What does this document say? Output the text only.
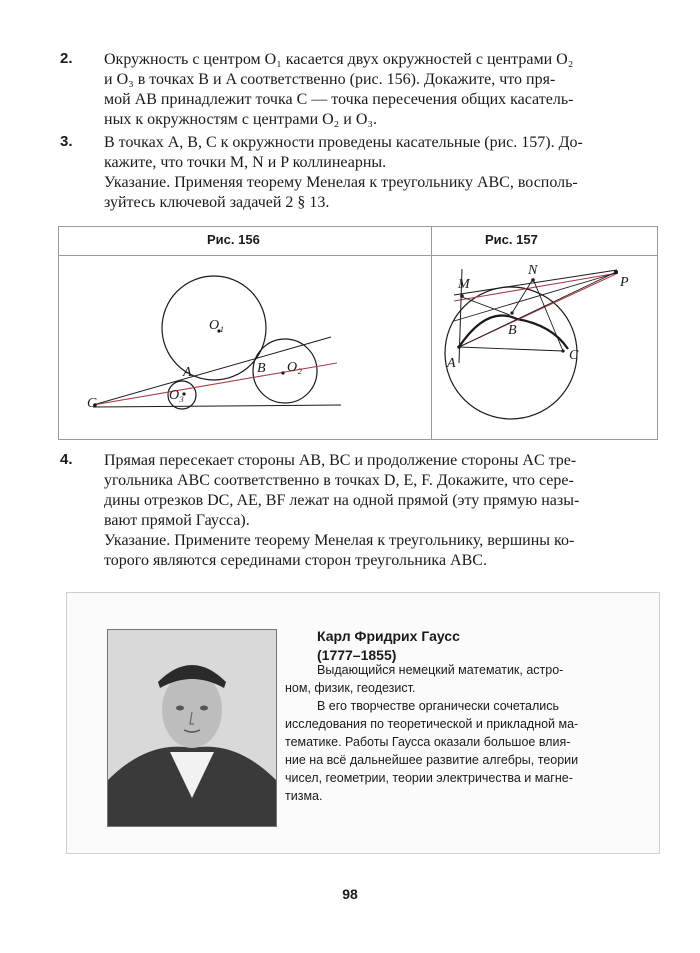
2. Окружность с центром O₁ касается двух окружностей с центрами O₂
и O₃ в точках B и A соответственно (рис. 156). Докажите, что пря-
мой AB принадлежит точка C — точка пересечения общих касатель-
ных к окружностям с центрами O₂ и O₃.
3. В точках A, B, C к окружности проведены касательные (рис. 157). До-
кажите, что точки M, N и P коллинеарны.
Указание. Применяя теорему Менелая к треугольнику ABC, восполь-
зуйтесь ключевой задачей 2 § 13.
Рис. 156	Рис. 157
O₁
O₂
O₃
A	B
C
M
N
P
A
B
C
4. Прямая пересекает стороны AB, BC и продолжение стороны AC тре-
угольника ABC соответственно в точках D, E, F. Докажите, что сере-
дины отрезков DC, AE, BF лежат на одной прямой (эту прямую назы-
вают прямой Гаусса).
Указание. Примените теорему Менелая к треугольнику, вершины ко-
торого являются серединами сторон треугольника ABC.
Карл Фридрих Гаусс
(1777–1855)
Выдающийся немецкий математик, астро-
ном, физик, геодезист.
В его творчестве органически сочетались
исследования по теоретической и прикладной ма-
тематике. Работы Гаусса оказали большое влия-
ние на всё дальнейшее развитие алгебры, теории
чисел, геометрии, теории электричества и магне-
тизма.
98
